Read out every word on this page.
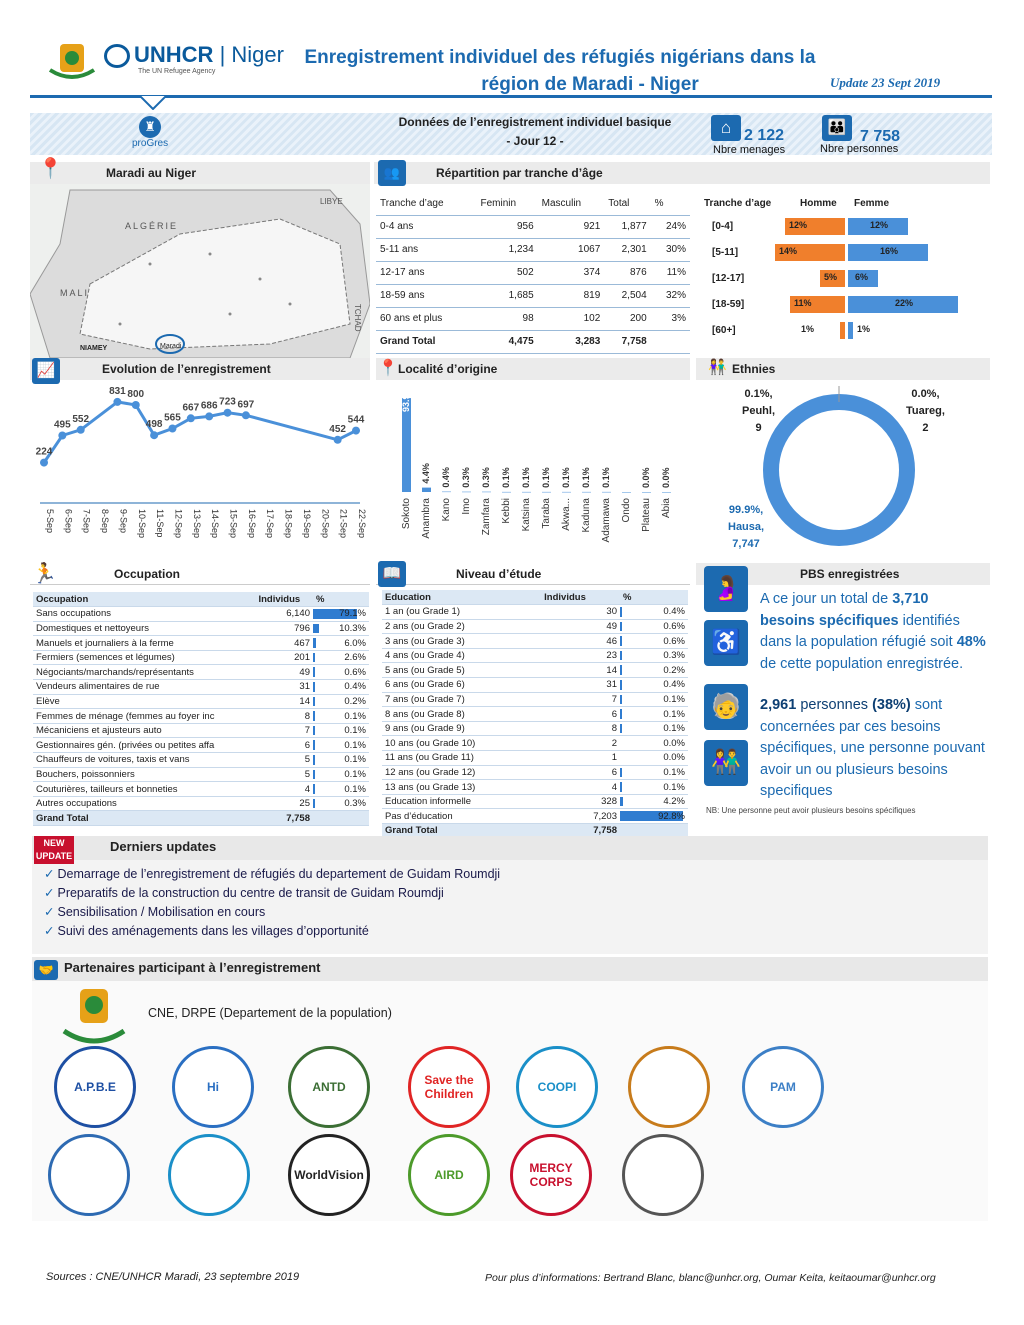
UNHCR | Niger
The UN Refugee Agency
Enregistrement individuel des réfugiés nigérians dans la
région de Maradi - Niger	Update 23 Sept 2019
♜
proGres
Données de l’enregistrement individuel basique
- Jour 12 -
⌂ 2 122
Nbre menages
👪
7 758
Nbre personnes
Maradi au Niger
📍
ALGÉRIE
MALI
NIAMEY	Maradi
LIBYE
TCHAD
Répartition par tranche d’âge
👥
Tranche d’age	Feminin	Masculin	Total	%
0-4 ans	956	921	1,877	24%
5-11 ans	1,234	1067	2,301	30%
12-17 ans	502	374	876	11%
18-59 ans	1,685	819	2,504	32%
60 ans et plus	98	102	200	3%
Grand Total	4,475	3,283	7,758	
Tranche d’age	Homme Femme
[0-4]	12%	12%
[5-11]	14%	16%
[12-17]	5% 6%
[18-59]	11%	22%
[60+]	1%	1%
Evolution de l’enregistrement
📈
224
495
552
831 800
498
565
667 686 723 697
452
544
5-Sep 6-Sep 7-Sep 8-Sep 9-Sep 10-Sep 11-Sep 12-Sep 13-Sep 14-Sep 15-Sep 16-Sep 17-Sep 18-Sep 19-Sep 20-Sep 21-Sep 22-Sep
Localité d’origine
📍
93.9%
Sokoto
4.4%
Anambra
0.4%
Kano
0.3%
Imo
0.3%
Zamfara
0.1%
Kebbi
0.1%
Katsina
0.1%
Taraba
0.1%
Akwa...
0.1%
Kaduna
0.1%
Adamawa Ondo
0.0%
Plateau
0.0%
Abia
Ethnies
👫
0.1%,
Peuhl,
9
0.0%,
Tuareg,
2
99.9%,
Hausa,
7,747
Occupation
🏃
Occupation	Individus	%
Sans occupations	6,140	79.1%
Domestiques et nettoyeurs	796	10.3%
Manuels et journaliers à la ferme	467	6.0%
Fermiers (semences et légumes)	201	2.6%
Négociants/marchands/représentants	49	0.6%
Vendeurs alimentaires de rue	31	0.4%
Elève	14	0.2%
Femmes de ménage (femmes au foyer inc	8	0.1%
Mécaniciens et ajusteurs auto	7	0.1%
Gestionnaires gén. (privées ou petites affa	6	0.1%
Chauffeurs de voitures, taxis et vans	5	0.1%
Bouchers, poissonniers	5	0.1%
Couturières, tailleurs et bonneties	4	0.1%
Autres occupations	25	0.3%
Grand Total	7,758	
Niveau d’étude
📖
Education	Individus	%
1 an (ou Grade 1)	30	0.4%
2 ans (ou Grade 2)	49	0.6%
3 ans (ou Grade 3)	46	0.6%
4 ans (ou Grade 4)	23	0.3%
5 ans (ou Grade 5)	14	0.2%
6 ans (ou Grade 6)	31	0.4%
7 ans (ou Grade 7)	7	0.1%
8 ans (ou Grade 8)	6	0.1%
9 ans (ou Grade 9)	8	0.1%
10 ans (ou Grade 10)	2	0.0%
11 ans (ou Grade 11)	1	0.0%
12 ans (ou Grade 12)	6	0.1%
13 ans (ou Grade 13)	4	0.1%
Education informelle	328	4.2%
Pas d’éducation	7,203	92.8%
Grand Total	7,758	
PBS enregistrées
🤰
♿
🧓
👫
A ce jour un total de 3,710 besoins spécifiques identifiés dans la population réfugié soit 48% de cette population enregistrée.
2,961 personnes (38%) sont concernées par ces besoins spécifiques, une personne pouvant avoir un ou plusieurs besoins specifiques
NB: Une personne peut avoir plusieurs besoins spécifiques
NEW UPDATE
Derniers updates
✓ Demarrage de l’enregistrement de réfugiés du departement de Guidam Roumdji
✓ Preparatifs de la construction du centre de transit de Guidam Roumdji
✓ Sensibilisation / Mobilisation en cours
✓ Suivi des aménagements dans les villages d’opportunité
🤝 Partenaires participant à l’enregistrement
CNE, DRPE (Departement de la population)
A.P.B.E	Hi	ANTD	Save the Children	COOPI	PAM
WorldVision	AIRD	MERCY CORPS
Sources : CNE/UNHCR Maradi, 23 septembre 2019	Pour plus d’informations: Bertrand Blanc, blanc@unhcr.org, Oumar Keita, keitaoumar@unhcr.org
